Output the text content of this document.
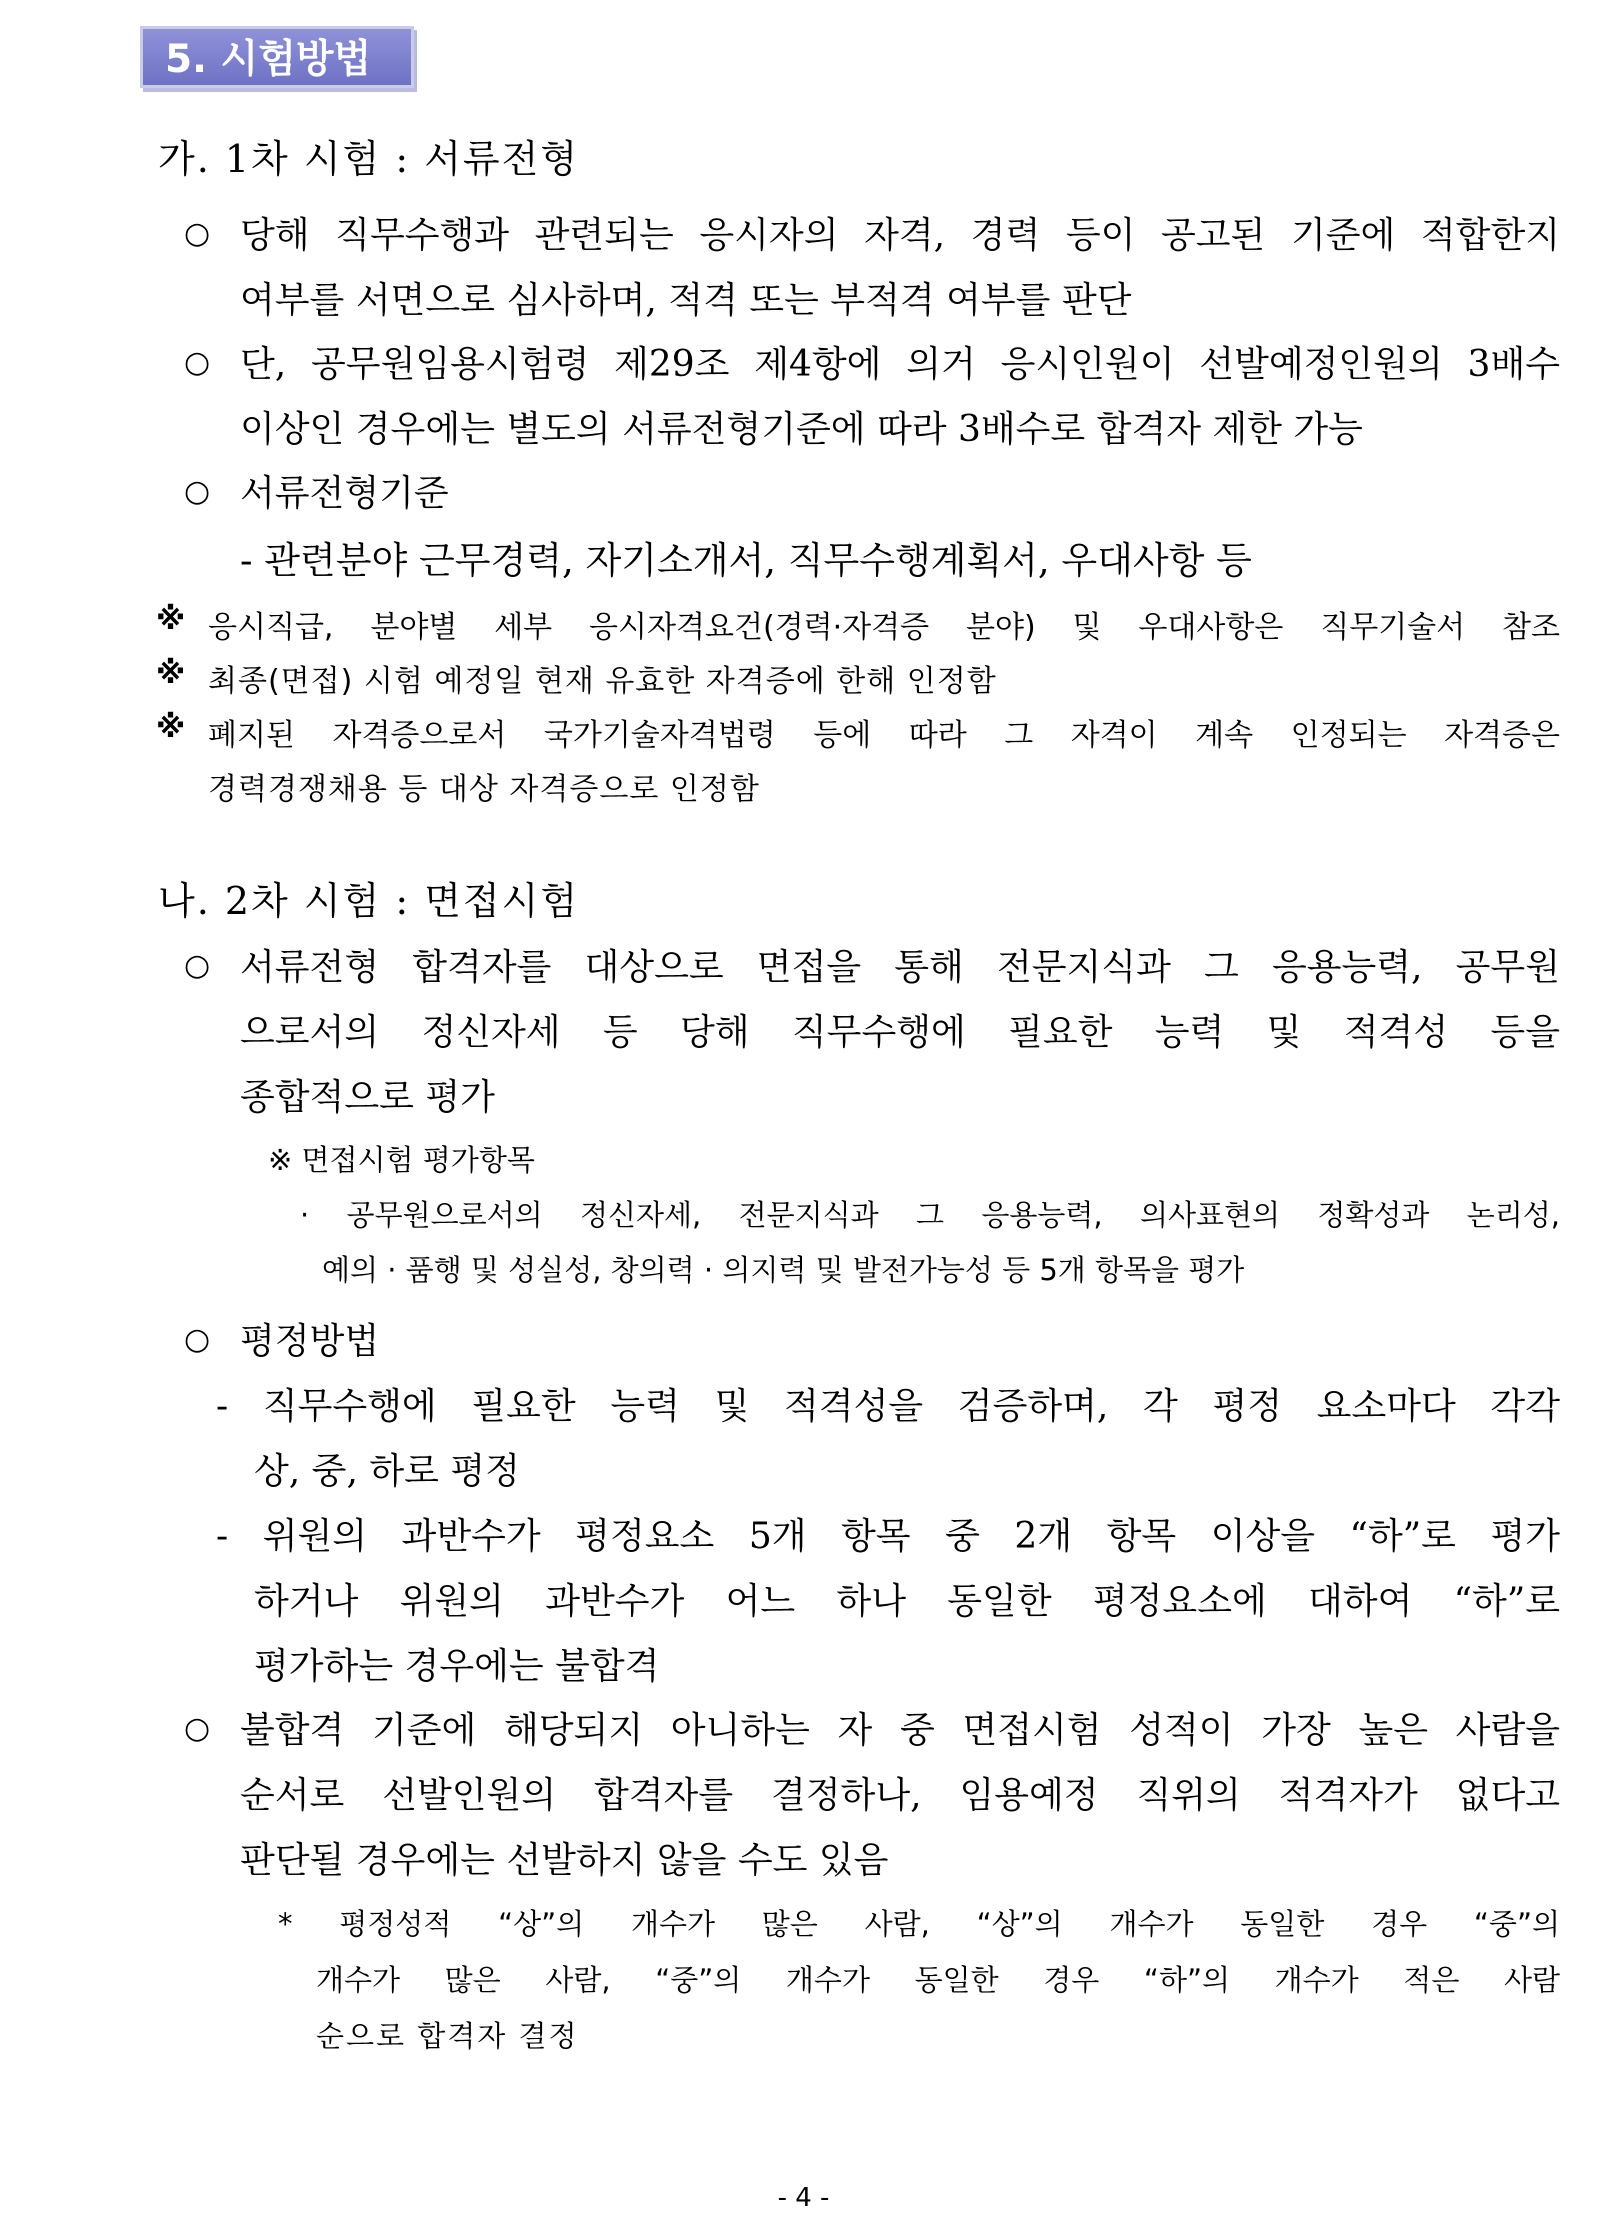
5. 시험방법
가. 1차 시험 : 서류전형
○ 당해 직무수행과 관련되는 응시자의 자격, 경력 등이 공고된 기준에 적합한지
여부를 서면으로 심사하며, 적격 또는 부적격 여부를 판단
○ 단, 공무원임용시험령 제29조 제4항에 의거 응시인원이 선발예정인원의 3배수
이상인 경우에는 별도의 서류전형기준에 따라 3배수로 합격자 제한 가능
○ 서류전형기준
- 관련분야 근무경력, 자기소개서, 직무수행계획서, 우대사항 등
※ 응시직급, 분야별 세부 응시자격요건(경력·자격증 분야) 및 우대사항은 직무기술서 참조
※ 최종(면접) 시험 예정일 현재 유효한 자격증에 한해 인정함
※ 폐지된 자격증으로서 국가기술자격법령 등에 따라 그 자격이 계속 인정되는 자격증은
경력경쟁채용 등 대상 자격증으로 인정함
나. 2차 시험 : 면접시험
○ 서류전형 합격자를 대상으로 면접을 통해 전문지식과 그 응용능력, 공무원
으로서의 정신자세 등 당해 직무수행에 필요한 능력 및 적격성 등을
종합적으로 평가
※ 면접시험 평가항목
· 공무원으로서의 정신자세, 전문지식과 그 응용능력, 의사표현의 정확성과 논리성,
예의 · 품행 및 성실성, 창의력 · 의지력 및 발전가능성 등 5개 항목을 평가
○ 평정방법
- 직무수행에 필요한 능력 및 적격성을 검증하며, 각 평정 요소마다 각각
상, 중, 하로 평정
- 위원의 과반수가 평정요소 5개 항목 중 2개 항목 이상을 “하”로 평가
하거나 위원의 과반수가 어느 하나 동일한 평정요소에 대하여 “하”로
평가하는 경우에는 불합격
○ 불합격 기준에 해당되지 아니하는 자 중 면접시험 성적이 가장 높은 사람을
순서로 선발인원의 합격자를 결정하나, 임용예정 직위의 적격자가 없다고
판단될 경우에는 선발하지 않을 수도 있음
* 평정성적 “상”의 개수가 많은 사람, “상”의 개수가 동일한 경우 “중”의
개수가 많은 사람, “중”의 개수가 동일한 경우 “하”의 개수가 적은 사람
순으로 합격자 결정
- 4 -
